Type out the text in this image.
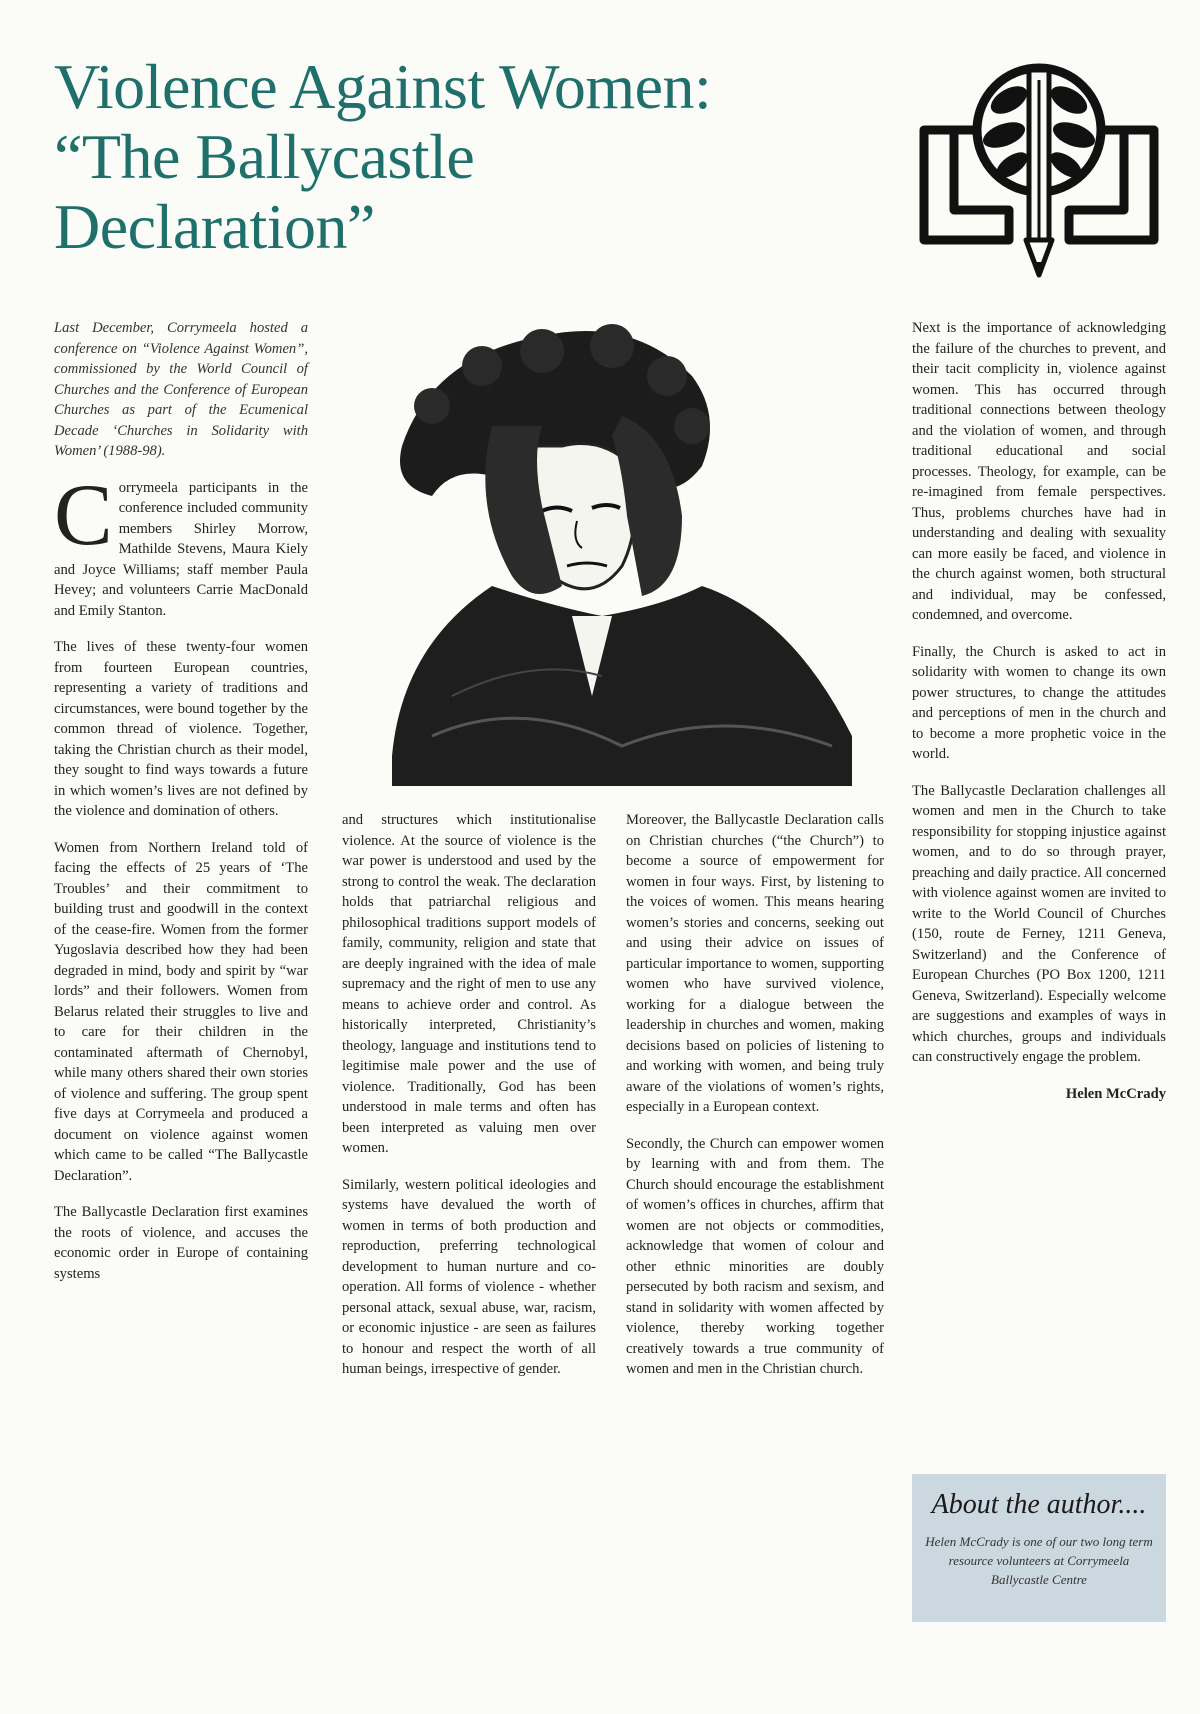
Violence Against Women:
“The Ballycastle
Declaration”

Last December, Corrymeela hosted a conference on “Violence Against Women”, commissioned by the World Council of Churches and the Conference of European Churches as part of the Ecumenical Decade ‘Churches in Solidarity with Women’ (1988-98).

Corrymeela participants in the conference included community members Shirley Morrow, Mathilde Stevens, Maura Kiely and Joyce Williams; staff member Paula Hevey; and volunteers Carrie MacDonald and Emily Stanton.

The lives of these twenty-four women from fourteen European countries, representing a variety of traditions and circumstances, were bound together by the common thread of violence. Together, taking the Christian church as their model, they sought to find ways towards a future in which women’s lives are not defined by the violence and domination of others.

Women from Northern Ireland told of facing the effects of 25 years of ‘The Troubles’ and their commitment to building trust and goodwill in the context of the cease-fire. Women from the former Yugoslavia described how they had been degraded in mind, body and spirit by “war lords” and their followers. Women from Belarus related their struggles to live and to care for their children in the contaminated aftermath of Chernobyl, while many others shared their own stories of violence and suffering. The group spent five days at Corrymeela and produced a document on violence against women which came to be called “The Ballycastle Declaration”.

The Ballycastle Declaration first examines the roots of violence, and accuses the economic order in Europe of containing systems

and structures which institutionalise violence. At the source of violence is the war power is understood and used by the strong to control the weak. The declaration holds that patriarchal religious and philosophical traditions support models of family, community, religion and state that are deeply ingrained with the idea of male supremacy and the right of men to use any means to achieve order and control. As historically interpreted, Christianity’s theology, language and institutions tend to legitimise male power and the use of violence. Traditionally, God has been understood in male terms and often has been interpreted as valuing men over women.

Similarly, western political ideologies and systems have devalued the worth of women in terms of both production and reproduction, preferring technological development to human nurture and co-operation. All forms of violence - whether personal attack, sexual abuse, war, racism, or economic injustice - are seen as failures to honour and respect the worth of all human beings, irrespective of gender.

Moreover, the Ballycastle Declaration calls on Christian churches (“the Church”) to become a source of empowerment for women in four ways. First, by listening to the voices of women. This means hearing women’s stories and concerns, seeking out and using their advice on issues of particular importance to women, supporting women who have survived violence, working for a dialogue between the leadership in churches and women, making decisions based on policies of listening to and working with women, and being truly aware of the violations of women’s rights, especially in a European context.

Secondly, the Church can empower women by learning with and from them. The Church should encourage the establishment of women’s offices in churches, affirm that women are not objects or commodities, acknowledge that women of colour and other ethnic minorities are doubly persecuted by both racism and sexism, and stand in solidarity with women affected by violence, thereby working together creatively towards a true community of women and men in the Christian church.

Next is the importance of acknowledging the failure of the churches to prevent, and their tacit complicity in, violence against women. This has occurred through traditional connections between theology and the violation of women, and through traditional educational and social processes. Theology, for example, can be re-imagined from female perspectives. Thus, problems churches have had in understanding and dealing with sexuality can more easily be faced, and violence in the church against women, both structural and individual, may be confessed, condemned, and overcome.

Finally, the Church is asked to act in solidarity with women to change its own power structures, to change the attitudes and perceptions of men in the church and to become a more prophetic voice in the world.

The Ballycastle Declaration challenges all women and men in the Church to take responsibility for stopping injustice against women, and to do so through prayer, preaching and daily practice. All concerned with violence against women are invited to write to the World Council of Churches (150, route de Ferney, 1211 Geneva, Switzerland) and the Conference of European Churches (PO Box 1200, 1211 Geneva, Switzerland). Especially welcome are suggestions and examples of ways in which churches, groups and individuals can constructively engage the problem.

Helen McCrady

About the author....

Helen McCrady is one of our two long term resource volunteers at Corrymeela Ballycastle Centre
